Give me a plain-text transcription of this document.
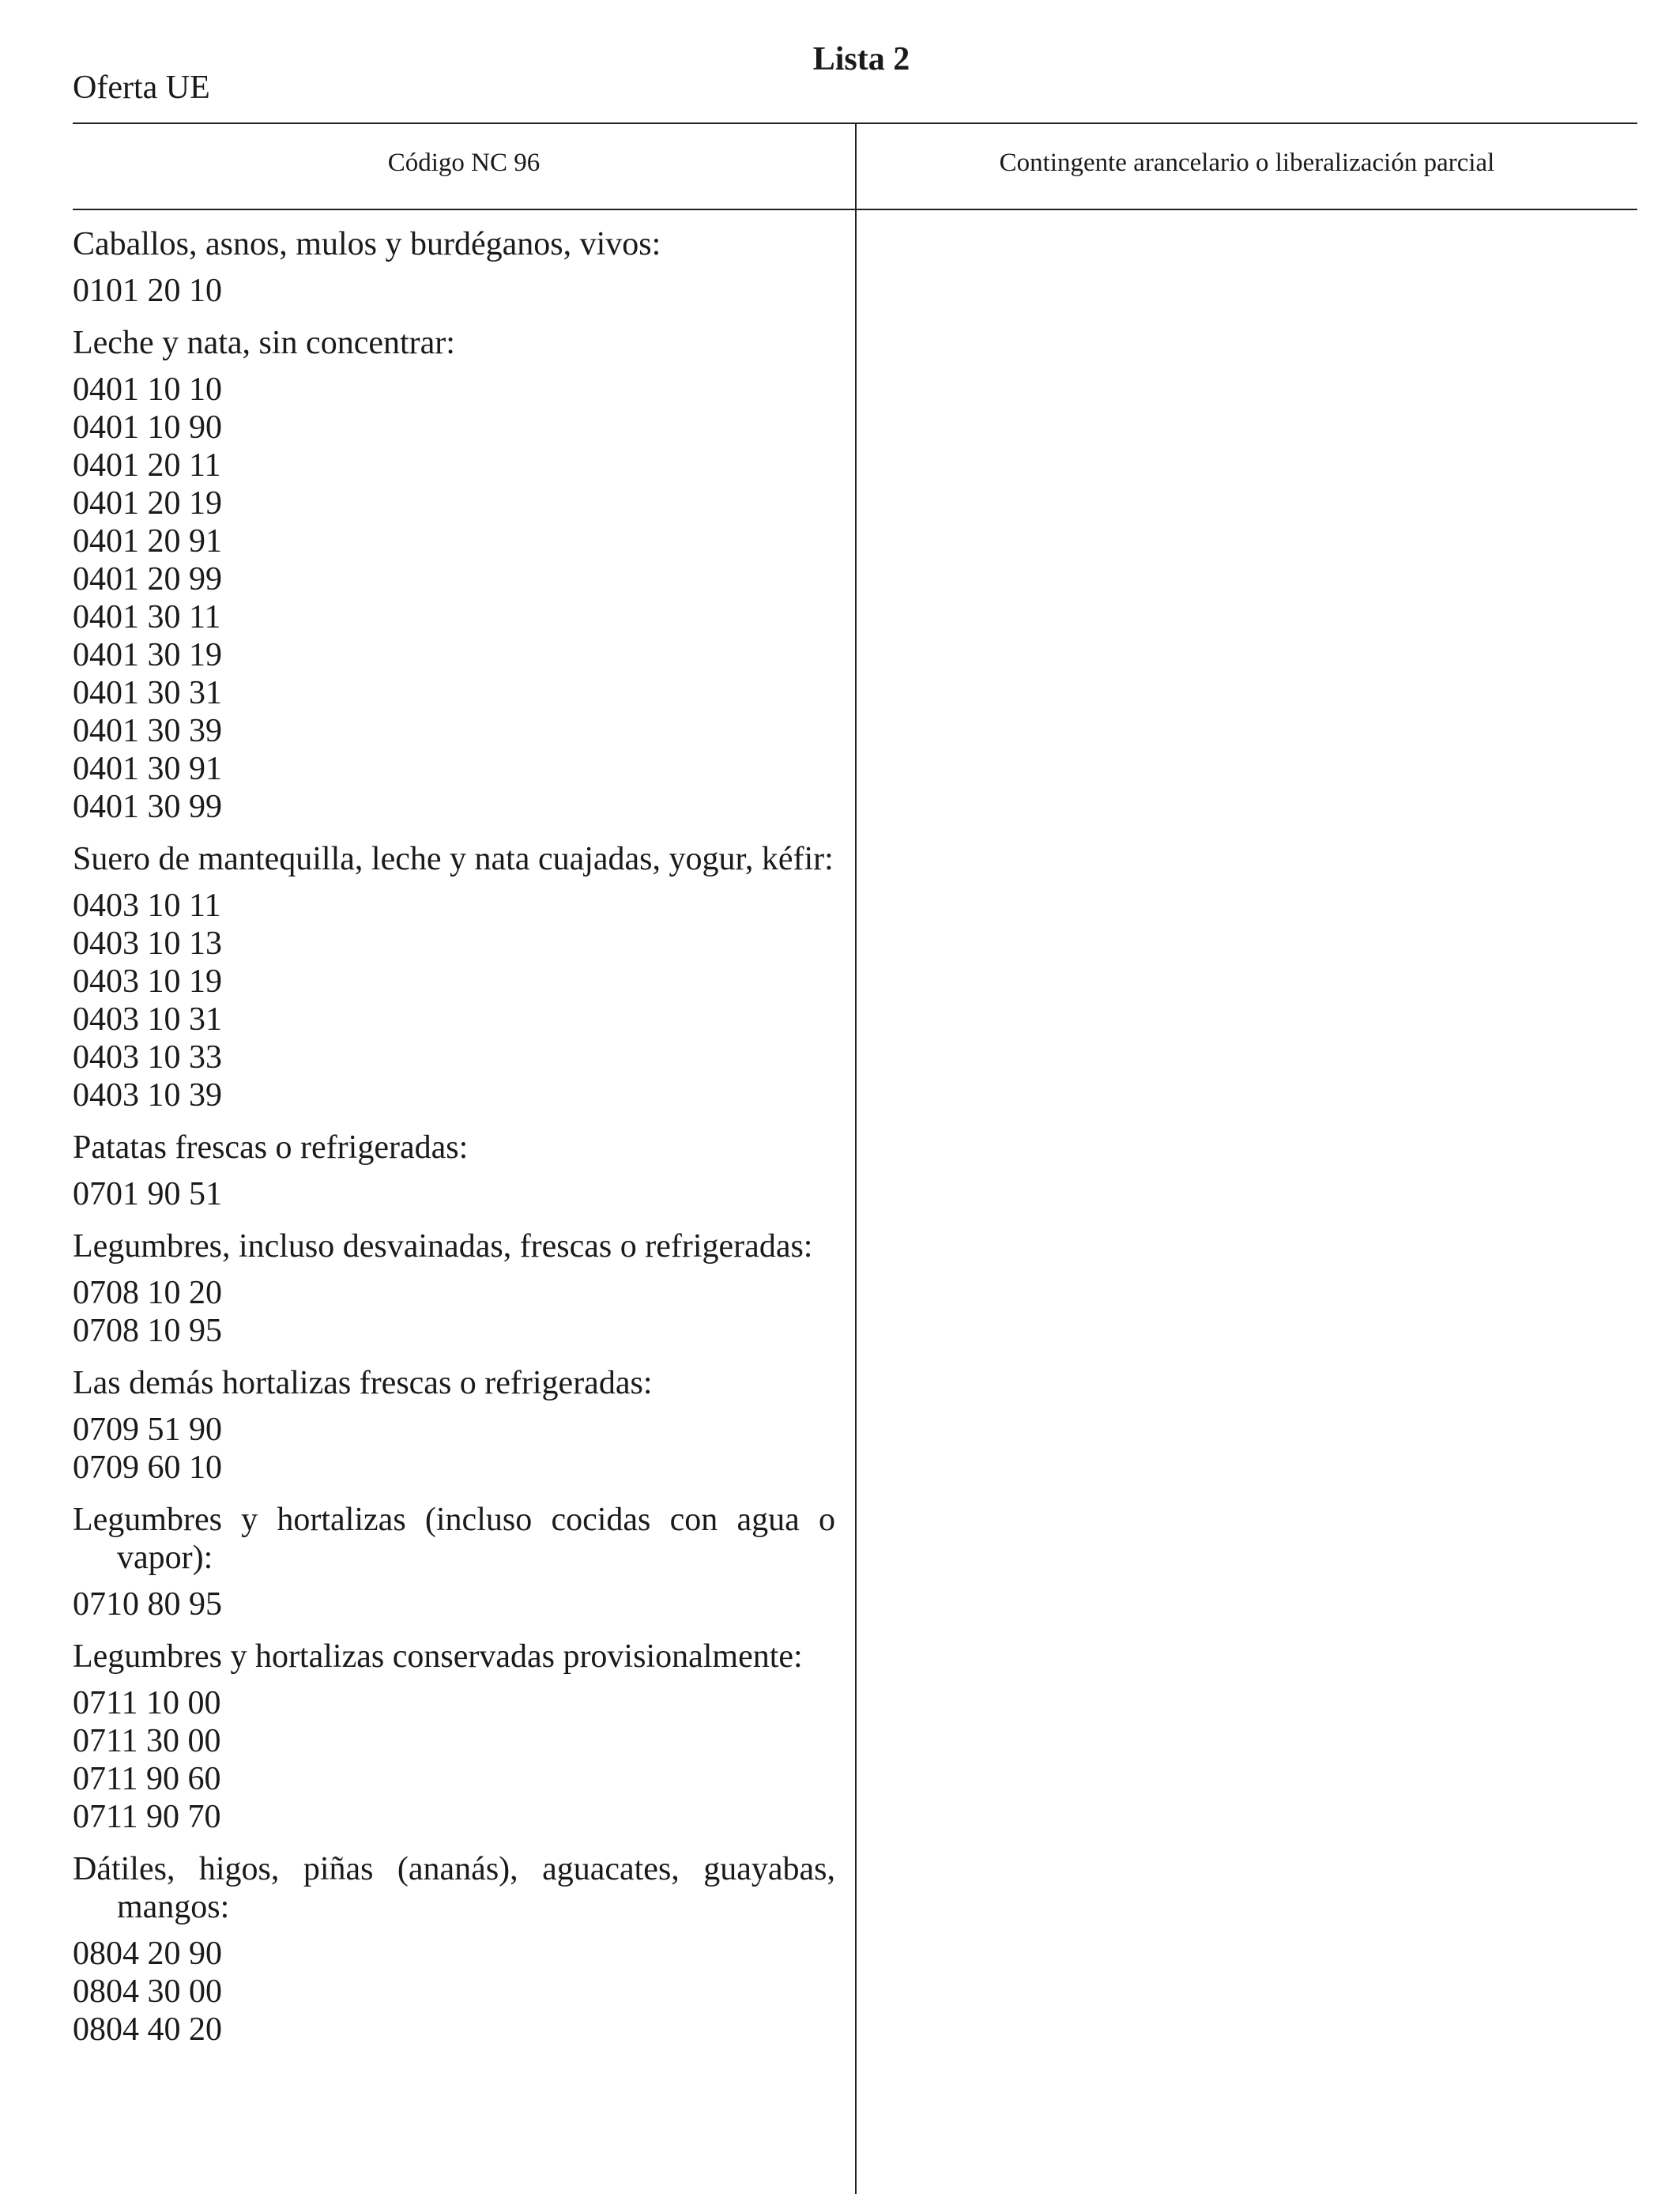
Lista 2
Oferta UE
Código NC 96	Contingente arancelario o liberalización parcial
Caballos, asnos, mulos y burdéganos, vivos:
0101 20 10
Leche y nata, sin concentrar:
0401 10 10
0401 10 90
0401 20 11
0401 20 19
0401 20 91
0401 20 99
0401 30 11
0401 30 19
0401 30 31
0401 30 39
0401 30 91
0401 30 99
Suero de mantequilla, leche y nata cuajadas, yogur, kéfir:
0403 10 11
0403 10 13
0403 10 19
0403 10 31
0403 10 33
0403 10 39
Patatas frescas o refrigeradas:
0701 90 51
Legumbres, incluso desvainadas, frescas o refrigeradas:
0708 10 20
0708 10 95
Las demás hortalizas frescas o refrigeradas:
0709 51 90
0709 60 10
Legumbres y hortalizas (incluso cocidas con agua o vapor):
0710 80 95
Legumbres y hortalizas conservadas provisionalmente:
0711 10 00
0711 30 00
0711 90 60
0711 90 70
Dátiles, higos, piñas (ananás), aguacates, guayabas, mangos:
0804 20 90
0804 30 00
0804 40 20
